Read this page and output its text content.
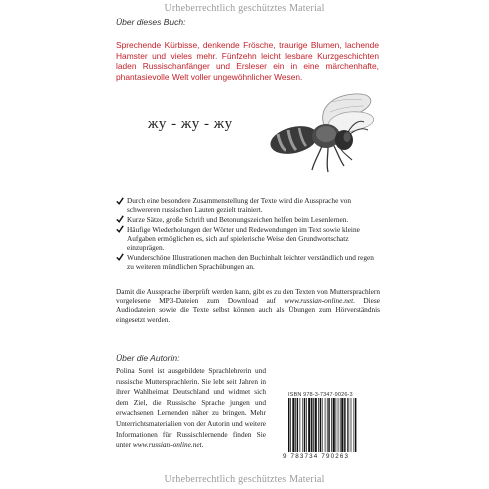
Urheberrechtlich geschütztes Material
Über dieses Buch:
Sprechende Kürbisse, denkende Frösche, traurige Blumen, lachende Hamster und vieles mehr. Fünfzehn leicht lesbare Kurzgeschichten laden Russischanfänger und Ersleser ein in eine märchenhafte, phantasievolle Welt voller ungewöhnlicher Wesen.
жу - жу - жу
Durch eine besondere Zusammenstellung der Texte wird die Aussprache von schwereren russischen Lauten gezielt trainiert.
Kurze Sätze, große Schrift und Betonungszeichen helfen beim Lesenlernen.
Häufige Wiederholungen der Wörter und Redewendungen im Text sowie kleine Aufgaben ermöglichen es, sich auf spielerische Weise den Grundwortschatz einzuprägen.
Wunderschöne Illustrationen machen den Buchinhalt leichter verständlich und regen zu weiteren mündlichen Sprachübungen an.
Damit die Aussprache überprüft werden kann, gibt es zu den Texten von Muttersprachlern vorgelesene MP3-Dateien zum Download auf www.russian-online.net. Diese Audiodateien sowie die Texte selbst können auch als Übungen zum Hörverständnis eingesetzt werden.
Über die Autorin:
Polina Sorel ist ausgebildete Sprachlehrerin und russische Muttersprachlerin. Sie lebt seit Jahren in ihrer Wahlheimat Deutschland und widmet sich dem Ziel, die Russische Sprache jungen und erwachsenen Lernenden näher zu bringen. Mehr Unterrichtsmaterialien von der Autorin und weitere Informationen für Russischlernende finden Sie unter www.russian-online.net.
ISBN 978-3-7347-9026-3
9 783734 790263
Urheberrechtlich geschütztes Material
